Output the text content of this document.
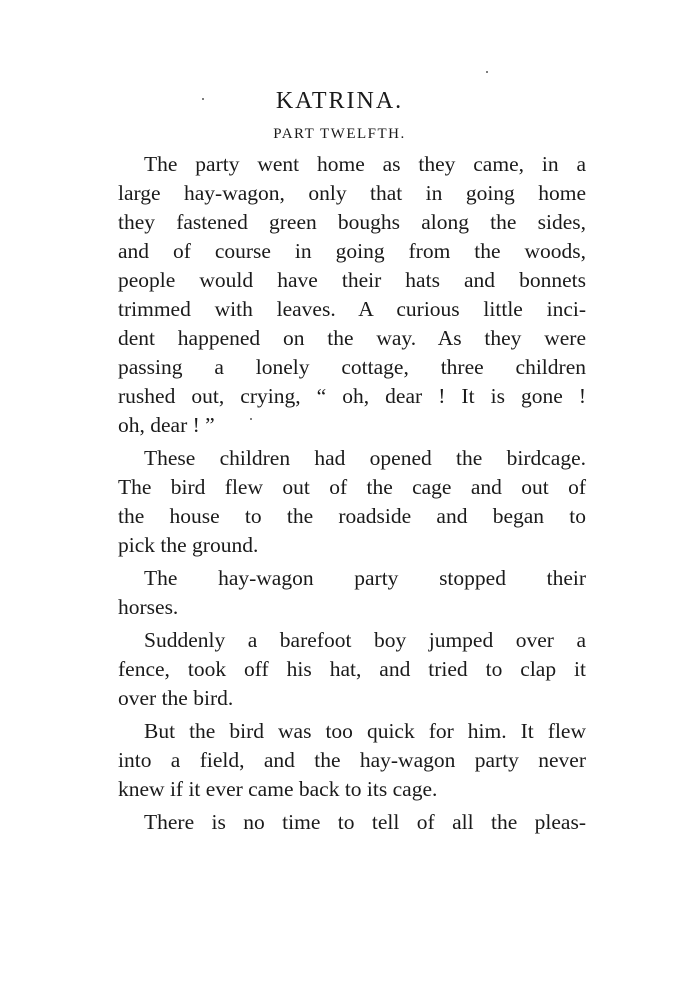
KATRINA.
PART TWELFTH.
The party went home as they came, in a
large hay-wagon, only that in going home
they fastened green boughs along the sides,
and of course in going from the woods,
people would have their hats and bonnets
trimmed with leaves. A curious little inci-
dent happened on the way. As they were
passing a lonely cottage, three children
rushed out, crying, “ oh, dear ! It is gone !
oh, dear ! ”
These children had opened the birdcage.
The bird flew out of the cage and out of
the house to the roadside and began to
pick the ground.
The hay-wagon party stopped their
horses.
Suddenly a barefoot boy jumped over a
fence, took off his hat, and tried to clap it
over the bird.
But the bird was too quick for him. It flew
into a field, and the hay-wagon party never
knew if it ever came back to its cage.
There is no time to tell of all the pleas-
